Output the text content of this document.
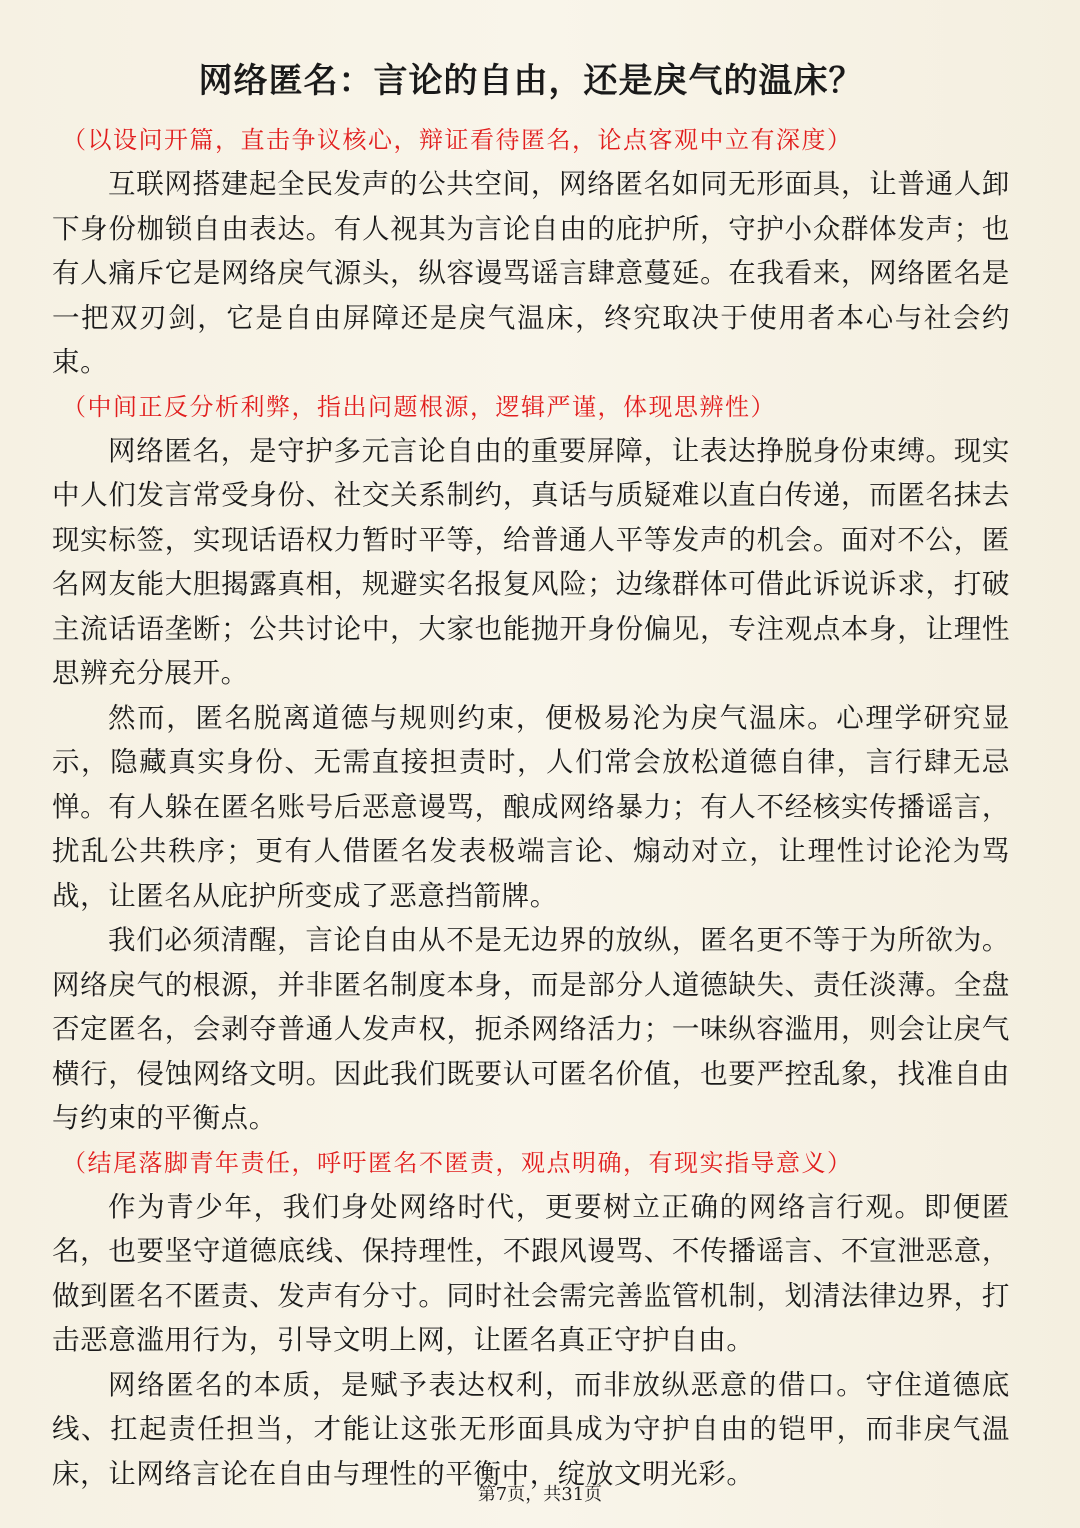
网络匿名：言论的自由，还是戾气的温床？

（以设问开篇，直击争议核心，辩证看待匿名，论点客观中立有深度）

互联网搭建起全民发声的公共空间，网络匿名如同无形面具，让普通人卸下身份枷锁自由表达。有人视其为言论自由的庇护所，守护小众群体发声；也有人痛斥它是网络戾气源头，纵容谩骂谣言肆意蔓延。在我看来，网络匿名是一把双刃剑，它是自由屏障还是戾气温床，终究取决于使用者本心与社会约束。

（中间正反分析利弊，指出问题根源，逻辑严谨，体现思辨性）

网络匿名，是守护多元言论自由的重要屏障，让表达挣脱身份束缚。现实中人们发言常受身份、社交关系制约，真话与质疑难以直白传递，而匿名抹去现实标签，实现话语权力暂时平等，给普通人平等发声的机会。面对不公，匿名网友能大胆揭露真相，规避实名报复风险；边缘群体可借此诉说诉求，打破主流话语垄断；公共讨论中，大家也能抛开身份偏见，专注观点本身，让理性思辨充分展开。

然而，匿名脱离道德与规则约束，便极易沦为戾气温床。心理学研究显示，隐藏真实身份、无需直接担责时，人们常会放松道德自律，言行肆无忌惮。有人躲在匿名账号后恶意谩骂，酿成网络暴力；有人不经核实传播谣言，扰乱公共秩序；更有人借匿名发表极端言论、煽动对立，让理性讨论沦为骂战，让匿名从庇护所变成了恶意挡箭牌。

我们必须清醒，言论自由从不是无边界的放纵，匿名更不等于为所欲为。网络戾气的根源，并非匿名制度本身，而是部分人道德缺失、责任淡薄。全盘否定匿名，会剥夺普通人发声权，扼杀网络活力；一味纵容滥用，则会让戾气横行，侵蚀网络文明。因此我们既要认可匿名价值，也要严控乱象，找准自由与约束的平衡点。

（结尾落脚青年责任，呼吁匿名不匿责，观点明确，有现实指导意义）

作为青少年，我们身处网络时代，更要树立正确的网络言行观。即便匿名，也要坚守道德底线、保持理性，不跟风谩骂、不传播谣言、不宣泄恶意，做到匿名不匿责、发声有分寸。同时社会需完善监管机制，划清法律边界，打击恶意滥用行为，引导文明上网，让匿名真正守护自由。

网络匿名的本质，是赋予表达权利，而非放纵恶意的借口。守住道德底线、扛起责任担当，才能让这张无形面具成为守护自由的铠甲，而非戾气温床，让网络言论在自由与理性的平衡中，绽放文明光彩。

第7页，共31页
